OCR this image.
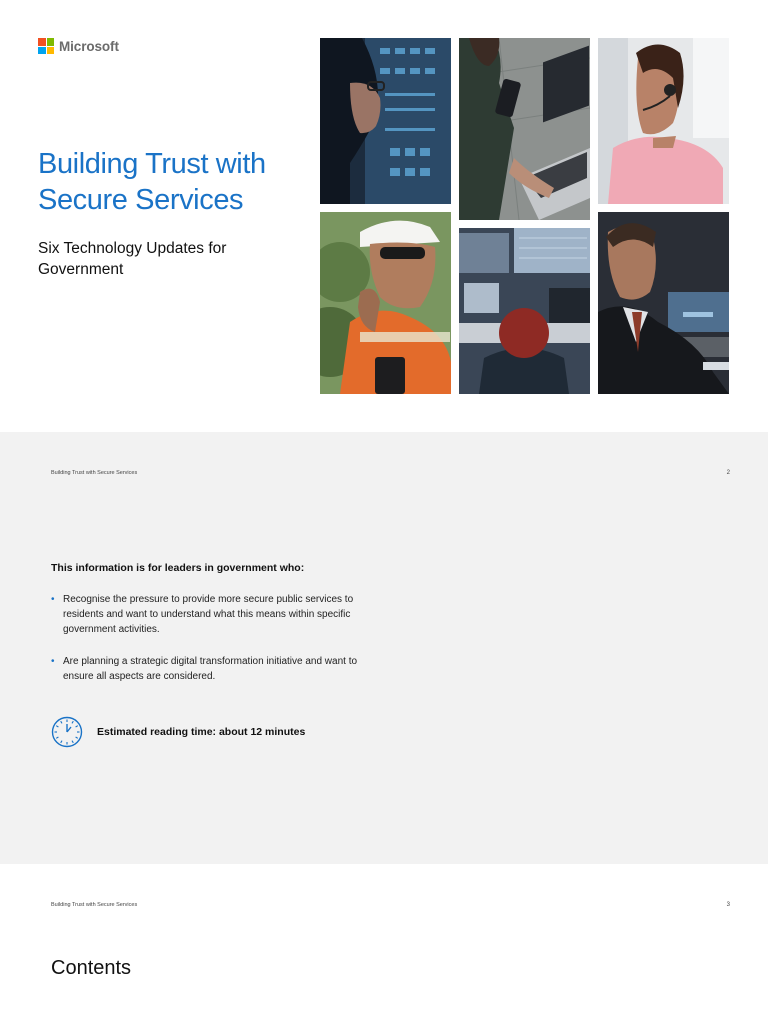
Microsoft
Building Trust with Secure Services

Six Technology Updates for Government

Building Trust with Secure Services	2

This information is for leaders in government who:

• Recognise the pressure to provide more secure public services to residents and want to understand what this means within specific government activities.
• Are planning a strategic digital transformation initiative and want to ensure all aspects are considered.
Estimated reading time: about 12 minutes
Building Trust with Secure Services	3
Contents
